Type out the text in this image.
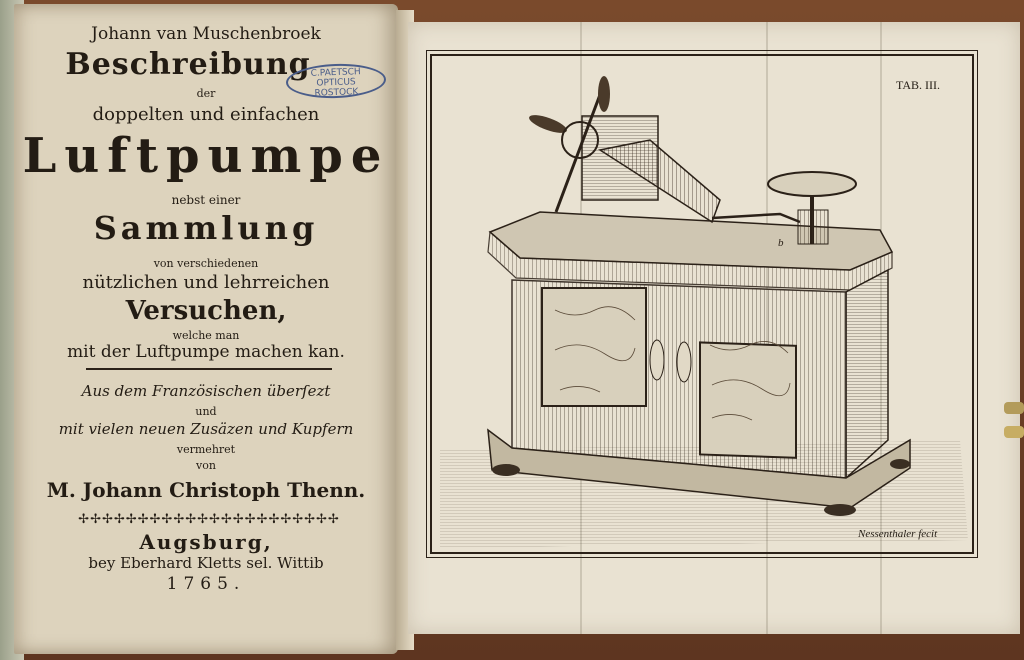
Johann van Muschenbroek
Beschreibung
der
doppelten und einfachen
Luftpumpe
nebst einer
Sammlung
von verschiedenen
nützlichen und lehrreichen
Versuchen,
welche man
mit der Luftpumpe machen kan.
Aus dem Französischen überſezt
und
mit vielen neuen Zusäzen und Kupfern
vermehret
von
M. Johann Christoph Thenn.
✢✢✢✢✢✢✢✢✢✢✢✢✢✢✢✢✢✢✢✢✢✢
Augsburg,
bey Eberhard Kletts sel. Wittib
1765.
C.PAETSCH
OPTICUS
ROSTOCK
TAB. III.
Nessenthaler fecit
b
